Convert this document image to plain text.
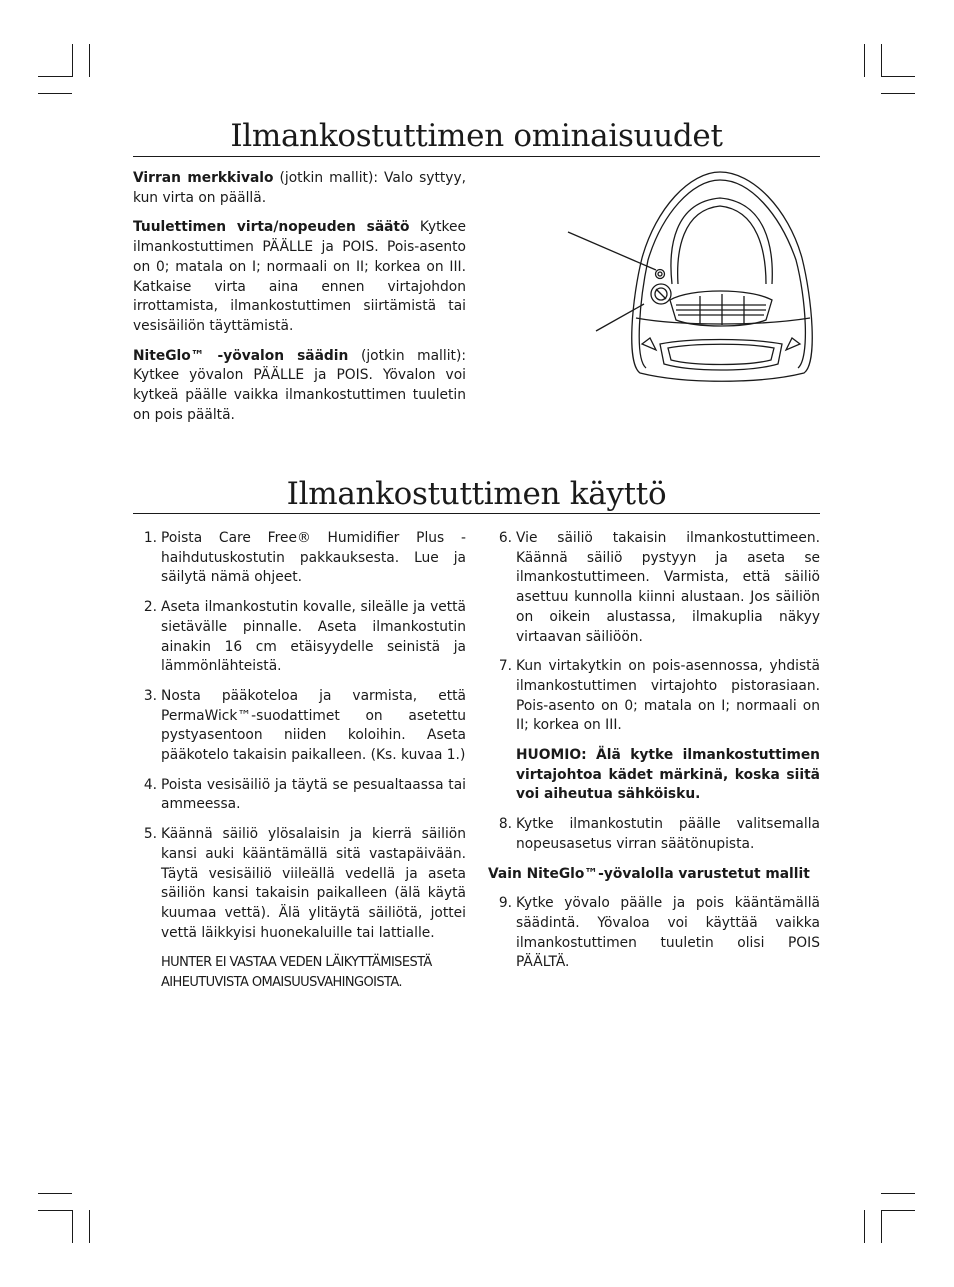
Ilmankostuttimen ominaisuudet

Virran merkkivalo (jotkin mallit): Valo syttyy, kun virta on päällä.

Tuulettimen virta/nopeuden säätö Kytkee ilmankostuttimen PÄÄLLE ja POIS. Pois-asento on 0; matala on I; normaali on II; korkea on III. Katkaise virta aina ennen virtajohdon irrottamista, ilmankostuttimen siirtämistä tai vesisäiliön täyttämistä.

NiteGlo™ -yövalon säädin (jotkin mallit): Kytkee yövalon PÄÄLLE ja POIS. Yövalon voi kytkeä päälle vaikka ilmankostuttimen tuuletin on pois päältä.

Ilmankostuttimen käyttö
1. Poista Care Free® Humidifier Plus -haihdutuskostutin pakkauksesta. Lue ja säilytä nämä ohjeet.
2. Aseta ilmankostutin kovalle, sileälle ja vettä sietävälle pinnalle. Aseta ilmankostutin ainakin 16 cm etäisyydelle seinistä ja lämmönlähteistä.
3. Nosta pääkoteloa ja varmista, että PermaWick™-suodattimet on asetettu pystyasentoon niiden koloihin. Aseta pääkotelo takaisin paikalleen. (Ks. kuvaa 1.)
4. Poista vesisäiliö ja täytä se pesualtaassa tai ammeessa.
5. Käännä säiliö ylösalaisin ja kierrä säiliön kansi auki kääntämällä sitä vastapäivään. Täytä vesisäiliö viileällä vedellä ja aseta säiliön kansi takaisin paikalleen (älä käytä kuumaa vettä). Älä ylitäytä säiliötä, jottei vettä läikkyisi huonekaluille tai lattialle.
HUNTER EI VASTAA VEDEN LÄIKYTTÄMISESTÄ AIHEUTUVISTA OMAISUUSVAHINGOISTA.
6. Vie säiliö takaisin ilmankostuttimeen. Käännä säiliö pystyyn ja aseta se ilmankostuttimeen. Varmista, että säiliö asettuu kunnolla kiinni alustaan. Jos säiliön on oikein alustassa, ilmakuplia näkyy virtaavan säiliöön.
7. Kun virtakytkin on pois-asennossa, yhdistä ilmankostuttimen virtajohto pistorasiaan. Pois-asento on 0; matala on I; normaali on II; korkea on III.
HUOMIO: Älä kytke ilmankostuttimen virtajohtoa kädet märkinä, koska siitä voi aiheutua sähköisku.
8. Kytke ilmankostutin päälle valitsemalla nopeusasetus virran säätönupista.
Vain NiteGlo™-yövalolla varustetut mallit
9. Kytke yövalo päälle ja pois kääntämällä säädintä. Yövaloa voi käyttää vaikka ilmankostuttimen tuuletin olisi POIS PÄÄLTÄ.
